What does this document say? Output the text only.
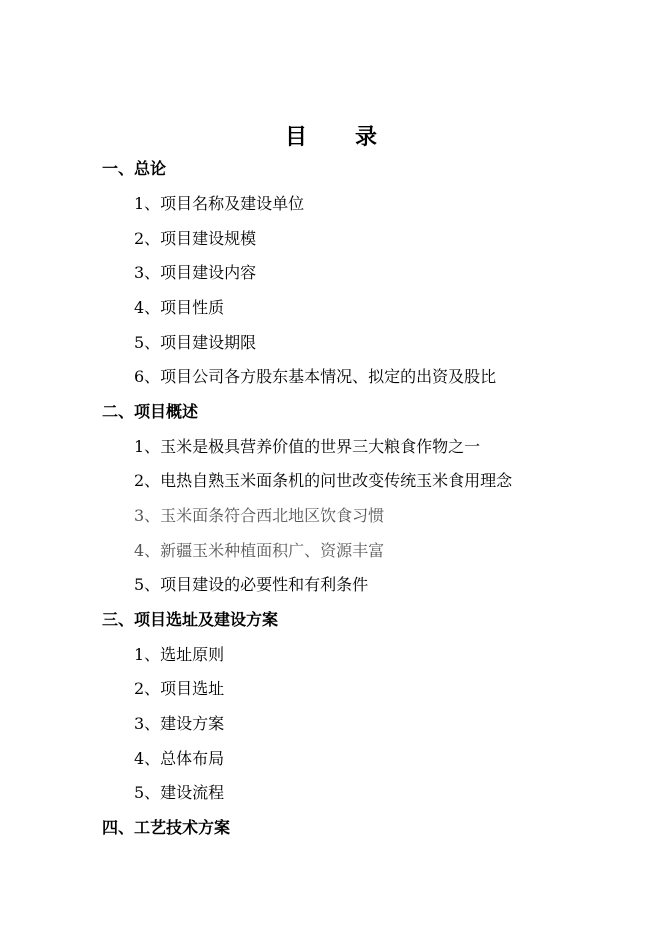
目 录
一、总论
1、项目名称及建设单位
2、项目建设规模
3、项目建设内容
4、项目性质
5、项目建设期限
6、项目公司各方股东基本情况、拟定的出资及股比
二、项目概述
1、玉米是极具营养价值的世界三大粮食作物之一
2、电热自熟玉米面条机的问世改变传统玉米食用理念
3、玉米面条符合西北地区饮食习惯
4、新疆玉米种植面积广、资源丰富
5、项目建设的必要性和有利条件
三、项目选址及建设方案
1、选址原则
2、项目选址
3、建设方案
4、总体布局
5、建设流程
四、工艺技术方案
